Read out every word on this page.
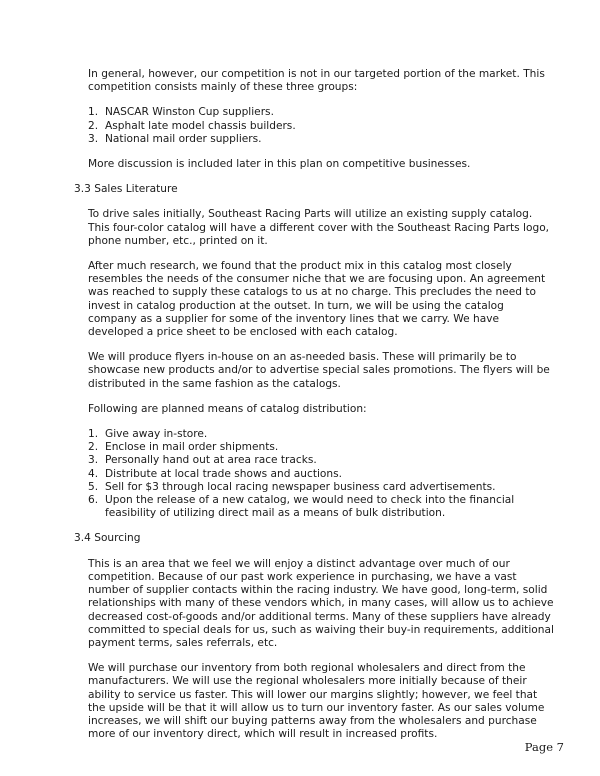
In general, however, our competition is not in our targeted portion of the market. This competition consists mainly of these three groups:

1. NASCAR Winston Cup suppliers.
2. Asphalt late model chassis builders.
3. National mail order suppliers.

More discussion is included later in this plan on competitive businesses.

3.3 Sales Literature

To drive sales initially, Southeast Racing Parts will utilize an existing supply catalog. This four-color catalog will have a different cover with the Southeast Racing Parts logo, phone number, etc., printed on it.

After much research, we found that the product mix in this catalog most closely resembles the needs of the consumer niche that we are focusing upon. An agreement was reached to supply these catalogs to us at no charge. This precludes the need to invest in catalog production at the outset. In turn, we will be using the catalog company as a supplier for some of the inventory lines that we carry. We have developed a price sheet to be enclosed with each catalog.

We will produce flyers in-house on an as-needed basis. These will primarily be to showcase new products and/or to advertise special sales promotions. The flyers will be distributed in the same fashion as the catalogs.

Following are planned means of catalog distribution:

1. Give away in-store.
2. Enclose in mail order shipments.
3. Personally hand out at area race tracks.
4. Distribute at local trade shows and auctions.
5. Sell for $3 through local racing newspaper business card advertisements.
6. Upon the release of a new catalog, we would need to check into the financial feasibility of utilizing direct mail as a means of bulk distribution.
3.4 Sourcing

This is an area that we feel we will enjoy a distinct advantage over much of our competition. Because of our past work experience in purchasing, we have a vast number of supplier contacts within the racing industry. We have good, long-term, solid relationships with many of these vendors which, in many cases, will allow us to achieve decreased cost-of-goods and/or additional terms. Many of these suppliers have already committed to special deals for us, such as waiving their buy-in requirements, additional payment terms, sales referrals, etc.

We will purchase our inventory from both regional wholesalers and direct from the manufacturers. We will use the regional wholesalers more initially because of their ability to service us faster. This will lower our margins slightly; however, we feel that the upside will be that it will allow us to turn our inventory faster. As our sales volume increases, we will shift our buying patterns away from the wholesalers and purchase more of our inventory direct, which will result in increased profits.

Page 7
